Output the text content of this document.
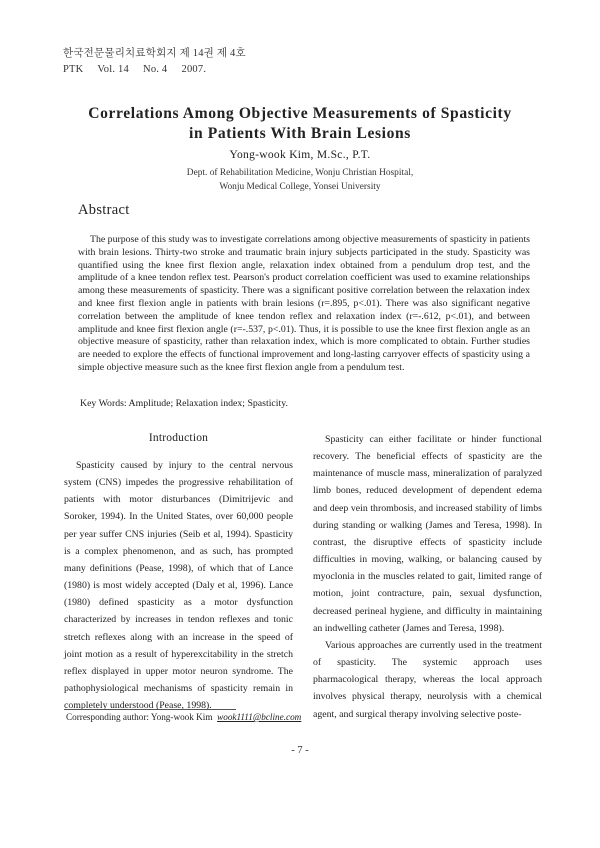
한국전문물리치료학회지 제 14권 제 4호
PTK Vol. 14 No. 4 2007.
Correlations Among Objective Measurements of Spasticity
in Patients With Brain Lesions
Yong-wook Kim, M.Sc., P.T.
Dept. of Rehabilitation Medicine, Wonju Christian Hospital,
Wonju Medical College, Yonsei University
Abstract

The purpose of this study was to investigate correlations among objective measurements of spasticity in patients with brain lesions. Thirty-two stroke and traumatic brain injury subjects participated in the study. Spasticity was quantified using the knee first flexion angle, relaxation index obtained from a pendulum drop test, and the amplitude of a knee tendon reflex test. Pearson's product correlation coefficient was used to examine relationships among these measurements of spasticity. There was a significant positive correlation between the relaxation index and knee first flexion angle in patients with brain lesions (r=.895, p<.01). There was also significant negative correlation between the amplitude of knee tendon reflex and relaxation index (r=-.612, p<.01), and between amplitude and knee first flexion angle (r=-.537, p<.01). Thus, it is possible to use the knee first flexion angle as an objective measure of spasticity, rather than relaxation index, which is more complicated to obtain. Further studies are needed to explore the effects of functional improvement and long-lasting carryover effects of spasticity using a simple objective measure such as the knee first flexion angle from a pendulum test.

Key Words: Amplitude; Relaxation index; Spasticity.
Introduction

Spasticity caused by injury to the central nervous system (CNS) impedes the progressive rehabilitation of patients with motor disturbances (Dimitrijevic and Soroker, 1994). In the United States, over 60,000 people per year suffer CNS injuries (Seib et al, 1994). Spasticity is a complex phenomenon, and as such, has prompted many definitions (Pease, 1998), of which that of Lance (1980) is most widely accepted (Daly et al, 1996). Lance (1980) defined spasticity as a motor dysfunction characterized by increases in tendon reflexes and tonic stretch reflexes along with an increase in the speed of joint motion as a result of hyperexcitability in the stretch reflex displayed in upper motor neuron syndrome. The pathophysiological mechanisms of spasticity remain in completely understood (Pease, 1998).

Spasticity can either facilitate or hinder functional recovery. The beneficial effects of spasticity are the maintenance of muscle mass, mineralization of paralyzed limb bones, reduced development of dependent edema and deep vein thrombosis, and increased stability of limbs during standing or walking (James and Teresa, 1998). In contrast, the disruptive effects of spasticity include difficulties in moving, walking, or balancing caused by myoclonia in the muscles related to gait, limited range of motion, joint contracture, pain, sexual dysfunction, decreased perineal hygiene, and difficulty in maintaining an indwelling catheter (James and Teresa, 1998).

Various approaches are currently used in the treatment of spasticity. The systemic approach uses pharmacological therapy, whereas the local approach involves physical therapy, neurolysis with a chemical agent, and surgical therapy involving selective poste-

Corresponding author: Yong-wook Kim wook1111@bcline.com
- 7 -
